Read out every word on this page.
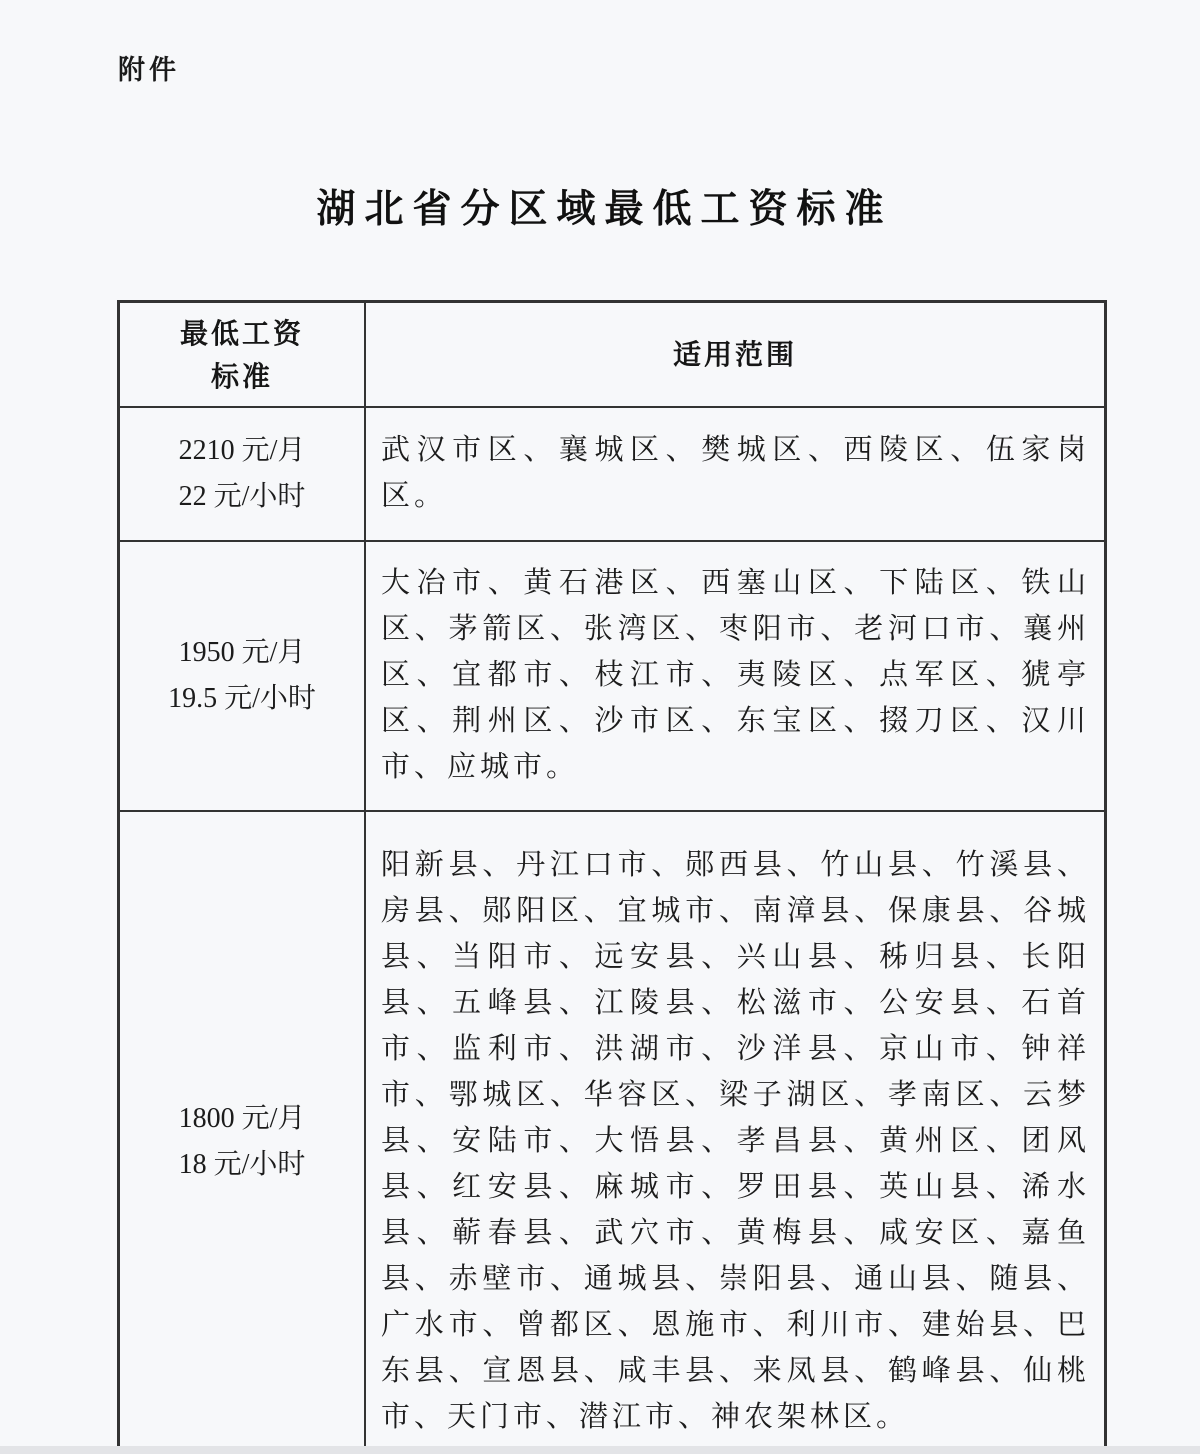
附件
湖北省分区域最低工资标准
最低工资
标准	适用范围

2210 元/月
22 元/小时	武汉市区、襄城区、樊城区、西陵区、伍家岗区。

1950 元/月
19.5 元/小时	大冶市、黄石港区、西塞山区、下陆区、铁山区、茅箭区、张湾区、枣阳市、老河口市、襄州区、宜都市、枝江市、夷陵区、点军区、猇亭区、荆州区、沙市区、东宝区、掇刀区、汉川市、应城市。

1800 元/月
18 元/小时	阳新县、丹江口市、郧西县、竹山县、竹溪县、房县、郧阳区、宜城市、南漳县、保康县、谷城县、当阳市、远安县、兴山县、秭归县、长阳县、五峰县、江陵县、松滋市、公安县、石首市、监利市、洪湖市、沙洋县、京山市、钟祥市、鄂城区、华容区、梁子湖区、孝南区、云梦县、安陆市、大悟县、孝昌县、黄州区、团风县、红安县、麻城市、罗田县、英山县、浠水县、蕲春县、武穴市、黄梅县、咸安区、嘉鱼县、赤壁市、通城县、崇阳县、通山县、随县、广水市、曾都区、恩施市、利川市、建始县、巴东县、宣恩县、咸丰县、来凤县、鹤峰县、仙桃市、天门市、潜江市、神农架林区。
